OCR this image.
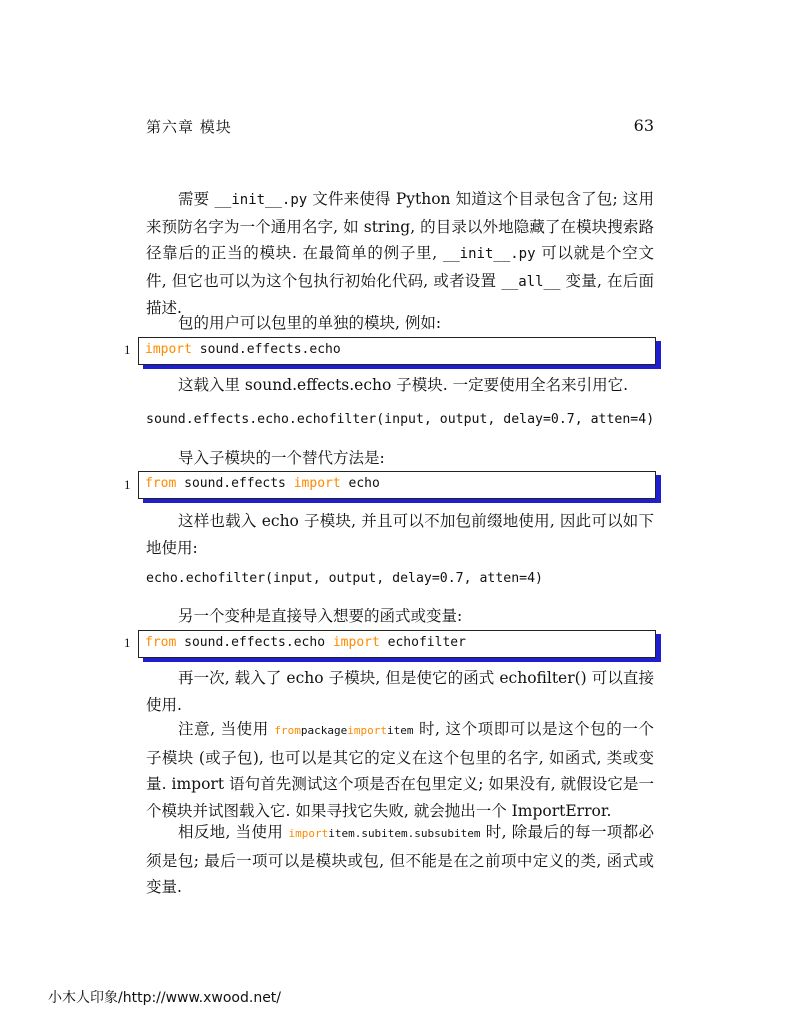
第六章 模块	63
需要 __init__.py 文件来使得 Python 知道这个目录包含了包; 这用来预防名字为一个通用名字, 如 string, 的目录以外地隐藏了在模块搜索路径靠后的正当的模块. 在最简单的例子里, __init__.py 可以就是个空文件, 但它也可以为这个包执行初始化代码, 或者设置 __all__ 变量, 在后面描述.
包的用户可以包里的单独的模块, 例如:
1 import sound.effects.echo
这载入里 sound.effects.echo 子模块. 一定要使用全名来引用它.
sound.effects.echo.echofilter(input, output, delay=0.7, atten=4)
导入子模块的一个替代方法是:
1 from sound.effects import echo
这样也载入 echo 子模块, 并且可以不加包前缀地使用, 因此可以如下地使用:
echo.echofilter(input, output, delay=0.7, atten=4)
另一个变种是直接导入想要的函式或变量:
1 from sound.effects.echo import echofilter
再一次, 载入了 echo 子模块, 但是使它的函式 echofilter() 可以直接使用.
注意, 当使用 frompackageimportitem 时, 这个项即可以是这个包的一个子模块 (或子包), 也可以是其它的定义在这个包里的名字, 如函式, 类或变量. import 语句首先测试这个项是否在包里定义; 如果没有, 就假设它是一个模块并试图载入它. 如果寻找它失败, 就会抛出一个 ImportError.
相反地, 当使用 importitem.subitem.subsubitem 时, 除最后的每一项都必须是包; 最后一项可以是模块或包, 但不能是在之前项中定义的类, 函式或变量.
小木人印象/http://www.xwood.net/
